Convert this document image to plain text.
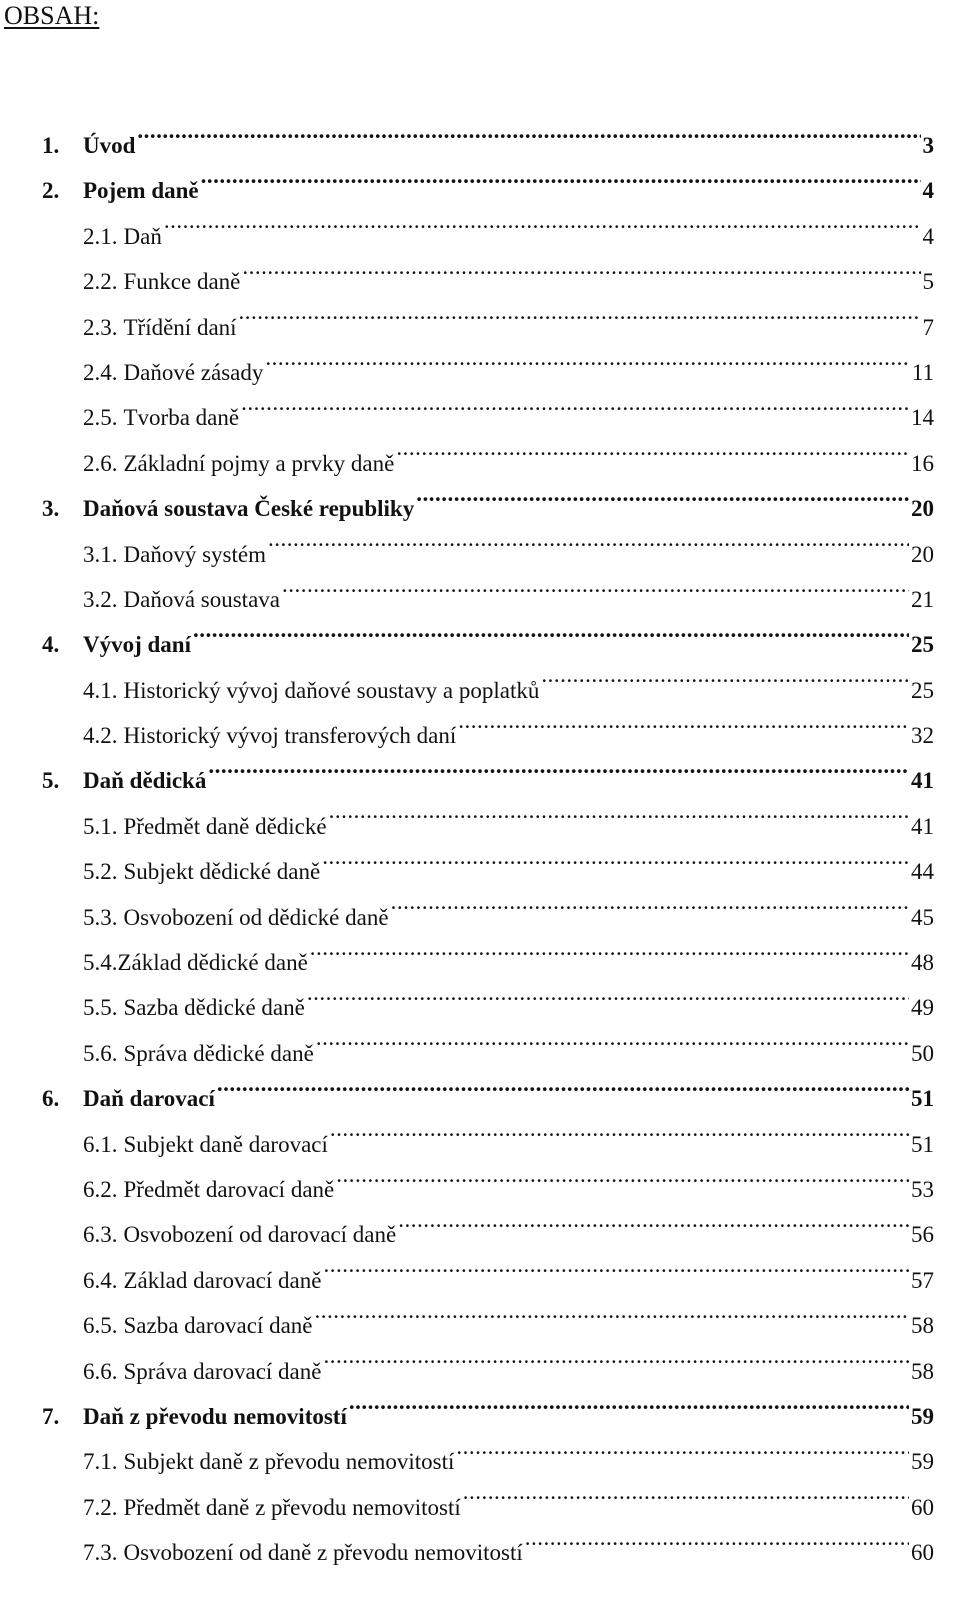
OBSAH:
1.	Úvod .....	3
2.	Pojem daně .....	4
2.1. Daň .....	4
2.2. Funkce daně .....	5
2.3. Třídění daní .....	7
2.4. Daňové zásady .....	11
2.5. Tvorba daně .....	14
2.6. Základní pojmy a prvky daně .....	16
3.	Daňová soustava České republiky .....	20
3.1. Daňový systém .....	20
3.2. Daňová soustava .....	21
4.	Vývoj daní .....	25
4.1. Historický vývoj daňové soustavy a poplatků .....	25
4.2. Historický vývoj transferových daní .....	32
5.	Daň dědická .....	41
5.1. Předmět daně dědické .....	41
5.2. Subjekt dědické daně .....	44
5.3. Osvobození od dědické daně .....	45
5.4. Základ dědické daně .....	48
5.5. Sazba dědické daně .....	49
5.6. Správa dědické daně .....	50
6.	Daň darovací .....	51
6.1. Subjekt daně darovací .....	51
6.2. Předmět darovací daně .....	53
6.3. Osvobození od darovací daně .....	56
6.4. Základ darovací daně .....	57
6.5. Sazba darovací daně .....	58
6.6. Správa darovací daně .....	58
7.	Daň z převodu nemovitostí .....	59
7.1. Subjekt daně z převodu nemovitostí .....	59
7.2. Předmět daně z převodu nemovitostí .....	60
7.3. Osvobození od daně z převodu nemovitostí .....	60
